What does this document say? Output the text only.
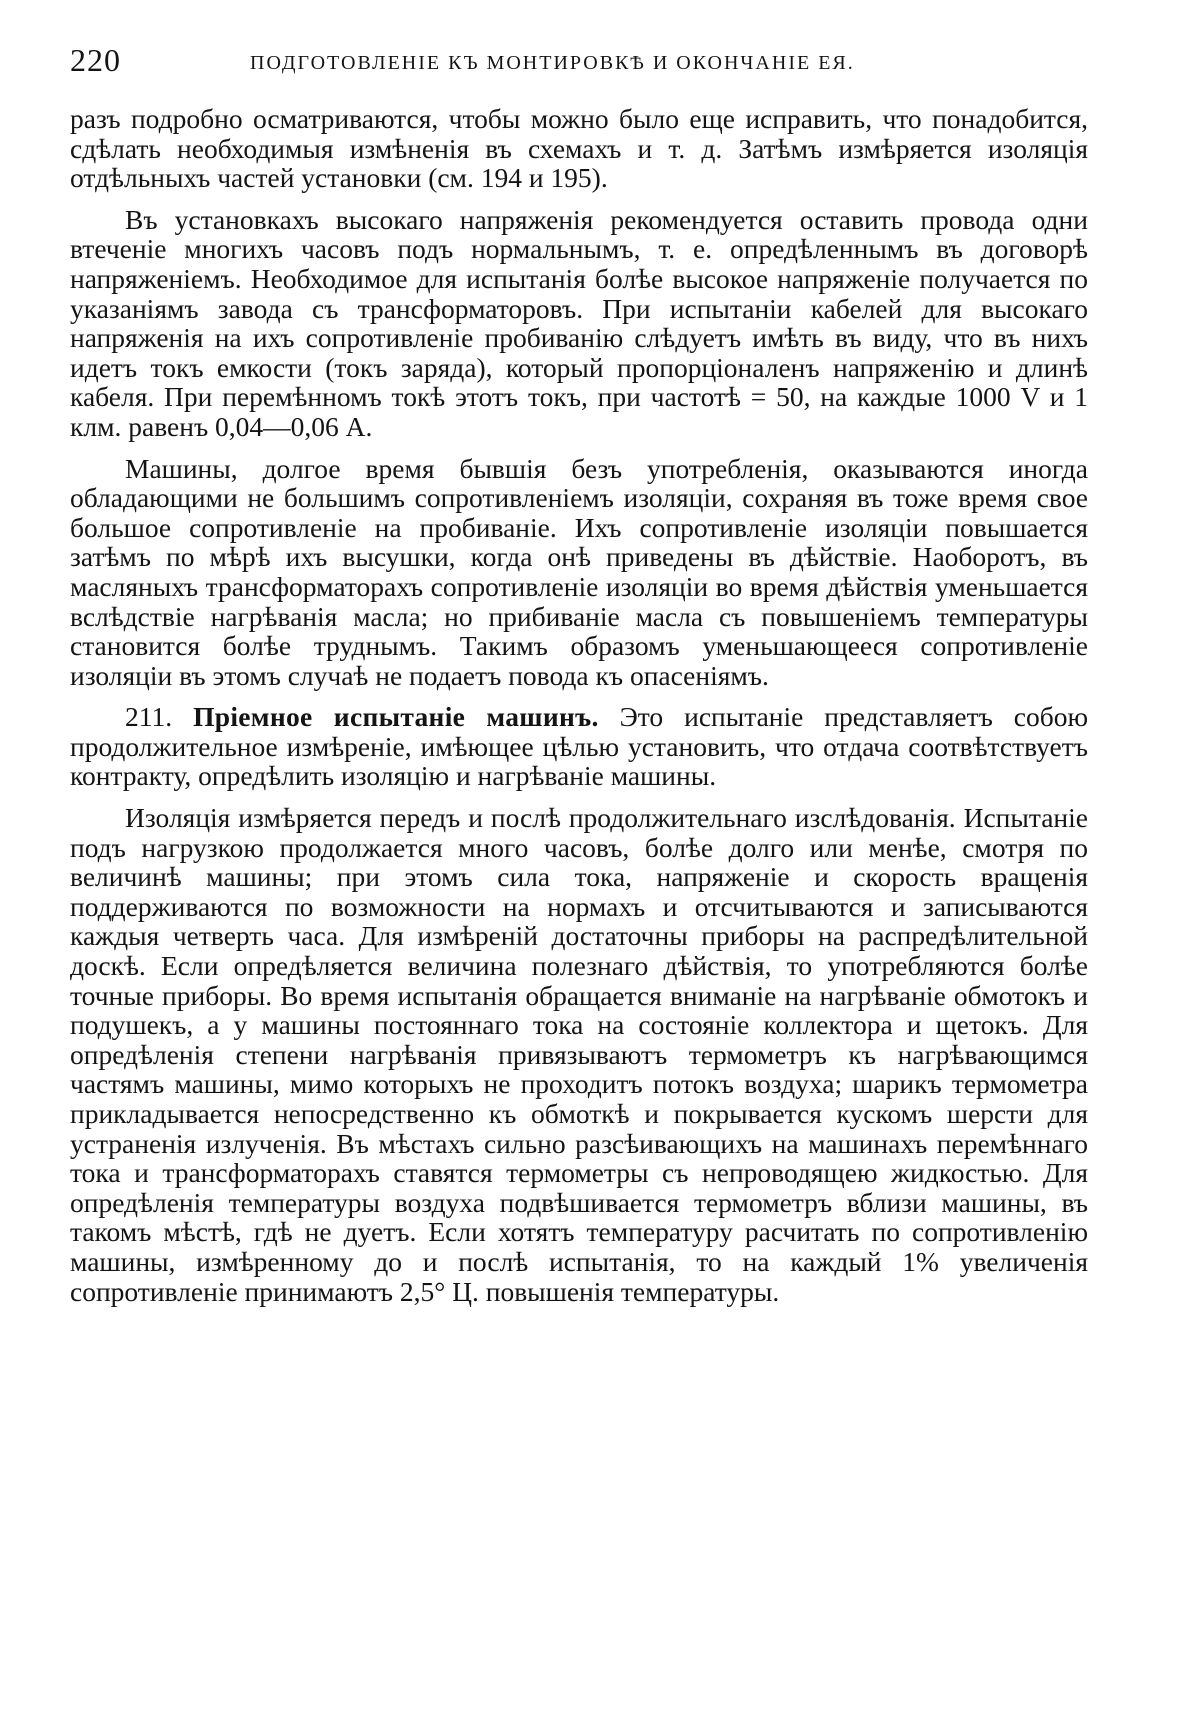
220	ПОДГОТОВЛЕНІЕ КЪ МОНТИРОВКѢ И ОКОНЧАНІЕ ЕЯ.

разъ подробно осматриваются, чтобы можно было еще исправить, что понадобится, сдѣлать необходимыя измѣненія въ схемахъ и т. д. Затѣмъ измѣряется изоляція отдѣльныхъ частей установки (см. 194 и 195).

Въ установкахъ высокаго напряженія рекомендуется оставить провода одни втеченіе многихъ часовъ подъ нормальнымъ, т. е. опредѣленнымъ въ договорѣ напряженіемъ. Необходимое для испытанія болѣе высокое напряженіе получается по указаніямъ завода съ трансформаторовъ. При испытаніи кабелей для высокаго напряженія на ихъ сопротивленіе пробиванію слѣдуетъ имѣть въ виду, что въ нихъ идетъ токъ емкости (токъ заряда), который пропорціоналенъ напряженію и длинѣ кабеля. При перемѣнномъ токѣ этотъ токъ, при частотѣ = 50, на каждые 1000 V и 1 клм. равенъ 0,04—0,06 А.

Машины, долгое время бывшія безъ употребленія, оказываются иногда обладающими не большимъ сопротивленіемъ изоляціи, сохраняя въ тоже время свое большое сопротивленіе на пробиваніе. Ихъ сопротивленіе изоляціи повышается затѣмъ по мѣрѣ ихъ высушки, когда онѣ приведены въ дѣйствіе. Наоборотъ, въ масляныхъ трансформаторахъ сопротивленіе изоляціи во время дѣйствія уменьшается вслѣдствіе нагрѣванія масла; но прибиваніе масла съ повышеніемъ температуры становится болѣе труднымъ. Такимъ образомъ уменьшающееся сопротивленіе изоляціи въ этомъ случаѣ не подаетъ повода къ опасеніямъ.

211. Пріемное испытаніе машинъ. Это испытаніе представляетъ собою продолжительное измѣреніе, имѣющее цѣлью установить, что отдача соотвѣтствуетъ контракту, опредѣлить изоляцію и нагрѣваніе машины.

Изоляція измѣряется передъ и послѣ продолжительнаго изслѣдованія. Испытаніе подъ нагрузкою продолжается много часовъ, болѣе долго или менѣе, смотря по величинѣ машины; при этомъ сила тока, напряженіе и скорость вращенія поддерживаются по возможности на нормахъ и отсчитываются и записываются каждыя четверть часа. Для измѣреній достаточны приборы на распредѣлительной доскѣ. Если опредѣляется величина полезнаго дѣйствія, то употребляются болѣе точные приборы. Во время испытанія обращается вниманіе на нагрѣваніе обмотокъ и подушекъ, а у машины постояннаго тока на состояніе коллектора и щетокъ. Для опредѣленія степени нагрѣванія привязываютъ термометръ къ нагрѣвающимся частямъ машины, мимо которыхъ не проходитъ потокъ воздуха; шарикъ термометра прикладывается непосредственно къ обмоткѣ и покрывается кускомъ шерсти для устраненія излученія. Въ мѣстахъ сильно разсѣивающихъ на машинахъ перемѣннаго тока и трансформаторахъ ставятся термометры съ непроводящею жидкостью. Для опредѣленія температуры воздуха подвѣшивается термометръ вблизи машины, въ такомъ мѣстѣ, гдѣ не дуетъ. Если хотятъ температуру расчитать по сопротивленію машины, измѣренному до и послѣ испытанія, то на каждый 1% увеличенія сопротивленіе принимаютъ 2,5° Ц. повышенія температуры.
